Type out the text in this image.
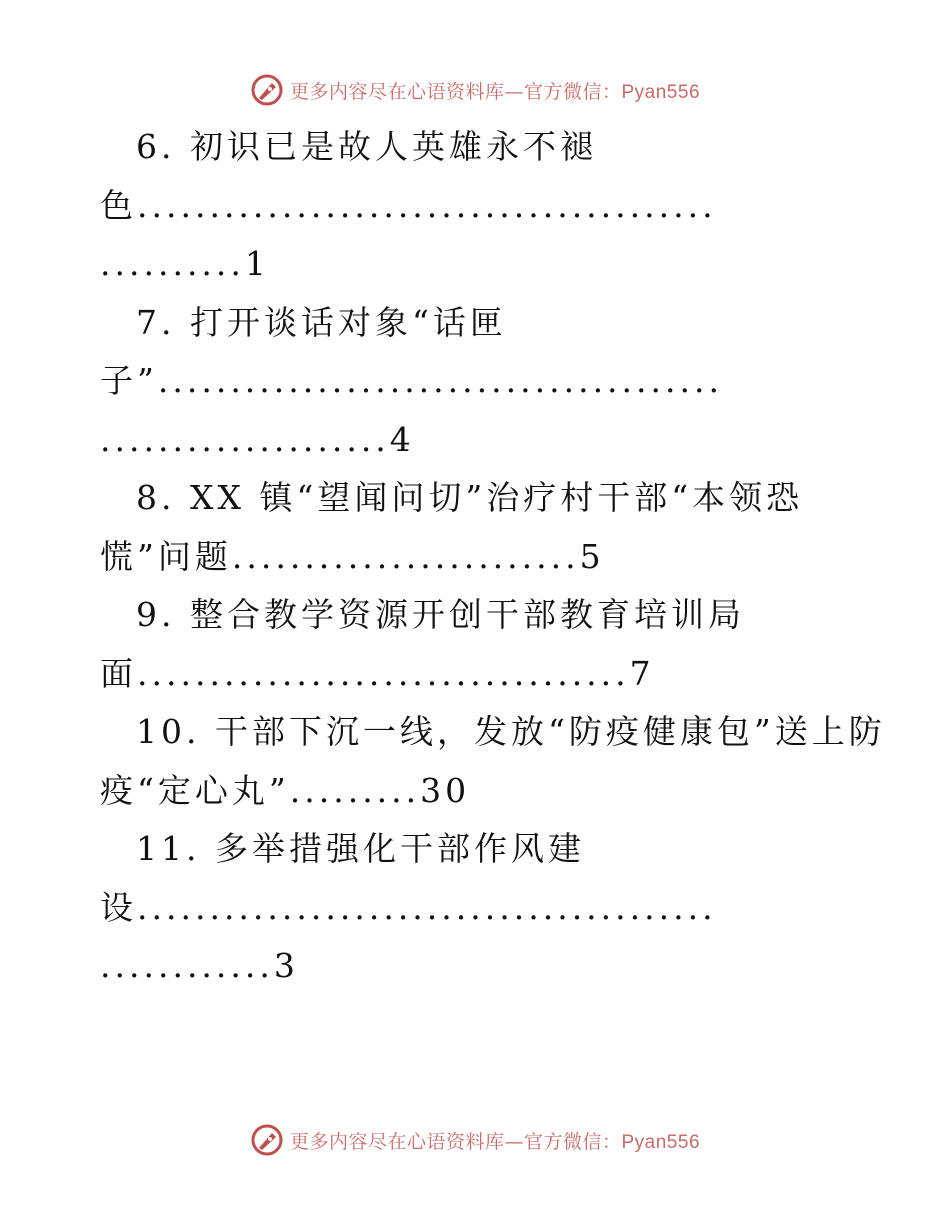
更多内容尽在心语资料库—官方微信：Pyan556
6. 初识已是故人英雄永不褪
色........................................
..........1
7. 打开谈话对象“话匣
子”.......................................
....................4
8. XX 镇“望闻问切”治疗村干部“本领恐
慌”问题........................5
9. 整合教学资源开创干部教育培训局
面..................................7
10. 干部下沉一线，发放“防疫健康包”送上防
疫“定心丸”.........30
11. 多举措强化干部作风建
设........................................
............3
更多内容尽在心语资料库—官方微信：Pyan556
